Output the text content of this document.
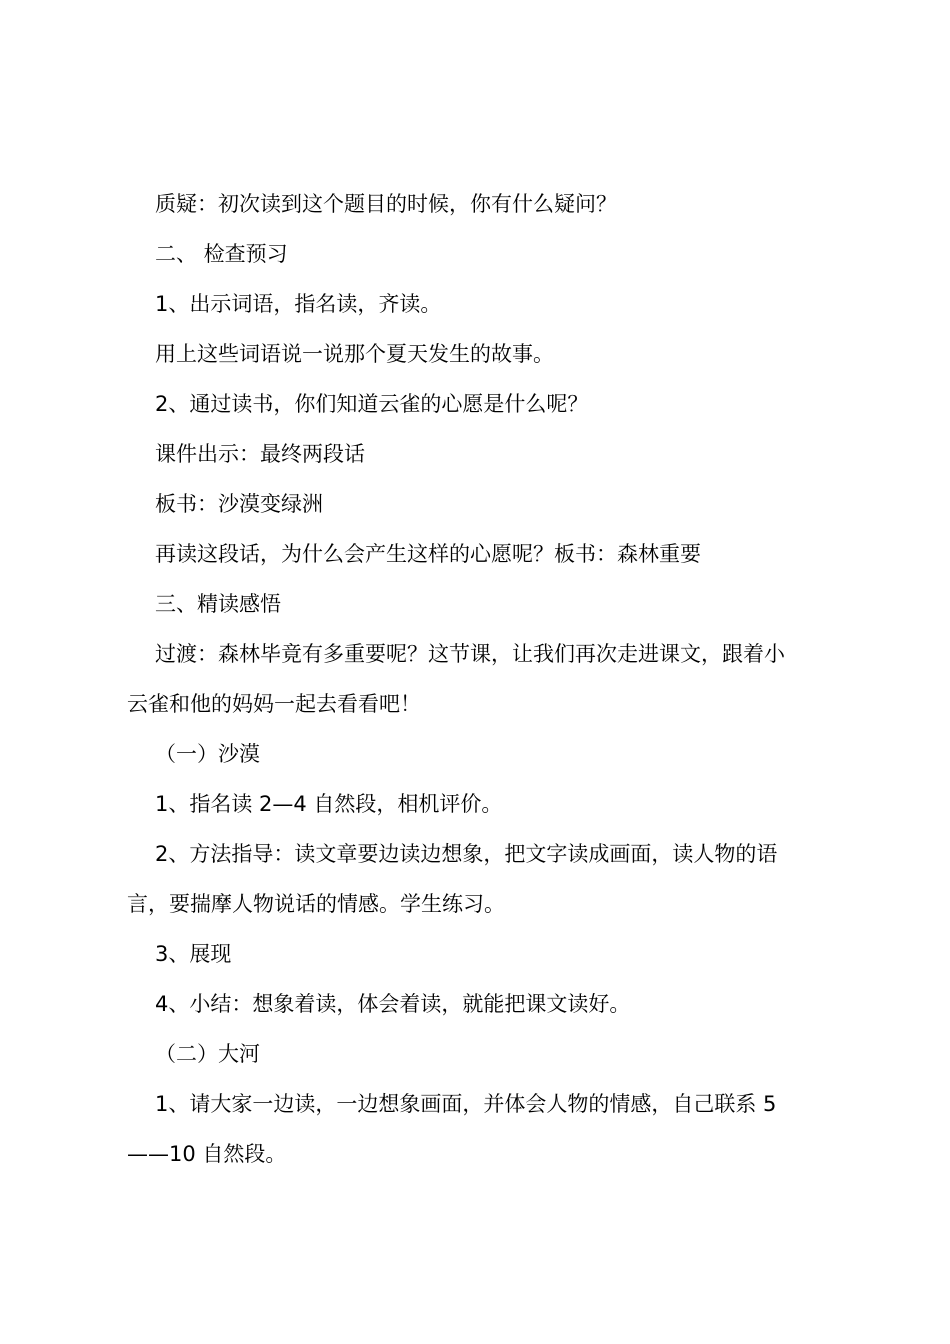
质疑：初次读到这个题目的时候，你有什么疑问？
二、 检查预习
1、出示词语，指名读，齐读。
用上这些词语说一说那个夏天发生的故事。
2、通过读书，你们知道云雀的心愿是什么呢？
课件出示：最终两段话
板书：沙漠变绿洲
再读这段话，为什么会产生这样的心愿呢？板书：森林重要
三、精读感悟
过渡：森林毕竟有多重要呢？这节课，让我们再次走进课文，跟着小
云雀和他的妈妈一起去看看吧！
（一）沙漠
1、指名读 2—4 自然段，相机评价。
2、方法指导：读文章要边读边想象，把文字读成画面，读人物的语
言，要揣摩人物说话的情感。学生练习。
3、展现
4、小结：想象着读，体会着读，就能把课文读好。
（二）大河
1、请大家一边读，一边想象画面，并体会人物的情感，自己联系 5
——10 自然段。
